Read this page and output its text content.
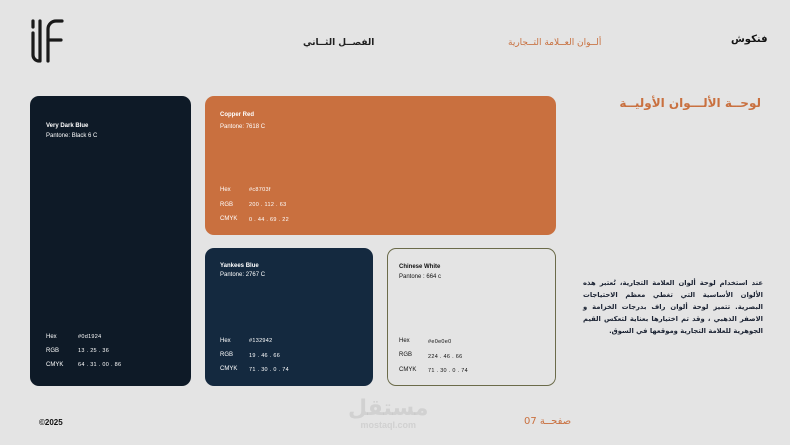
الفصــل الثــاني	ألــوان العــلامة التــجارية	فنكوش
Very Dark Blue
Pantone: Black 6 C
Hex	#0d1924
RGB	13 . 25 . 36
CMYK	64 . 31 . 00 . 86
Copper Red
Pantone: 7618 C
Hex	#c8703f
RGB	200 . 112 . 63
CMYK 0 . 44 . 69 . 22
Yankees Blue
Pantone: 2767 C
Hex	#132942
RGB	19 . 46 . 66
CMYK 71 . 30 . 0 . 74
Chinese White
Pantone : 664 c
Hex	#e0e0e0
RGB	224 . 46 . 66
CMYK 71 . 30 . 0 . 74
لوحــة الألـــوان الأوليــة
عند استخدام لوحة ألوان العلامة التجارية، تُعتبر هذه الألوان الأساسية التي تغطي معظم الاحتياجات البصرية. تتميز لوحة ألوان راف بدرجات الخزامة و الاصفر الذهبي ، وقد تم اختيارها بعناية لتعكس القيم الجوهرية للعلامة التجارية وموقعها في السوق.
©2025
مستقل
mostaql.com	صفحــة 07
